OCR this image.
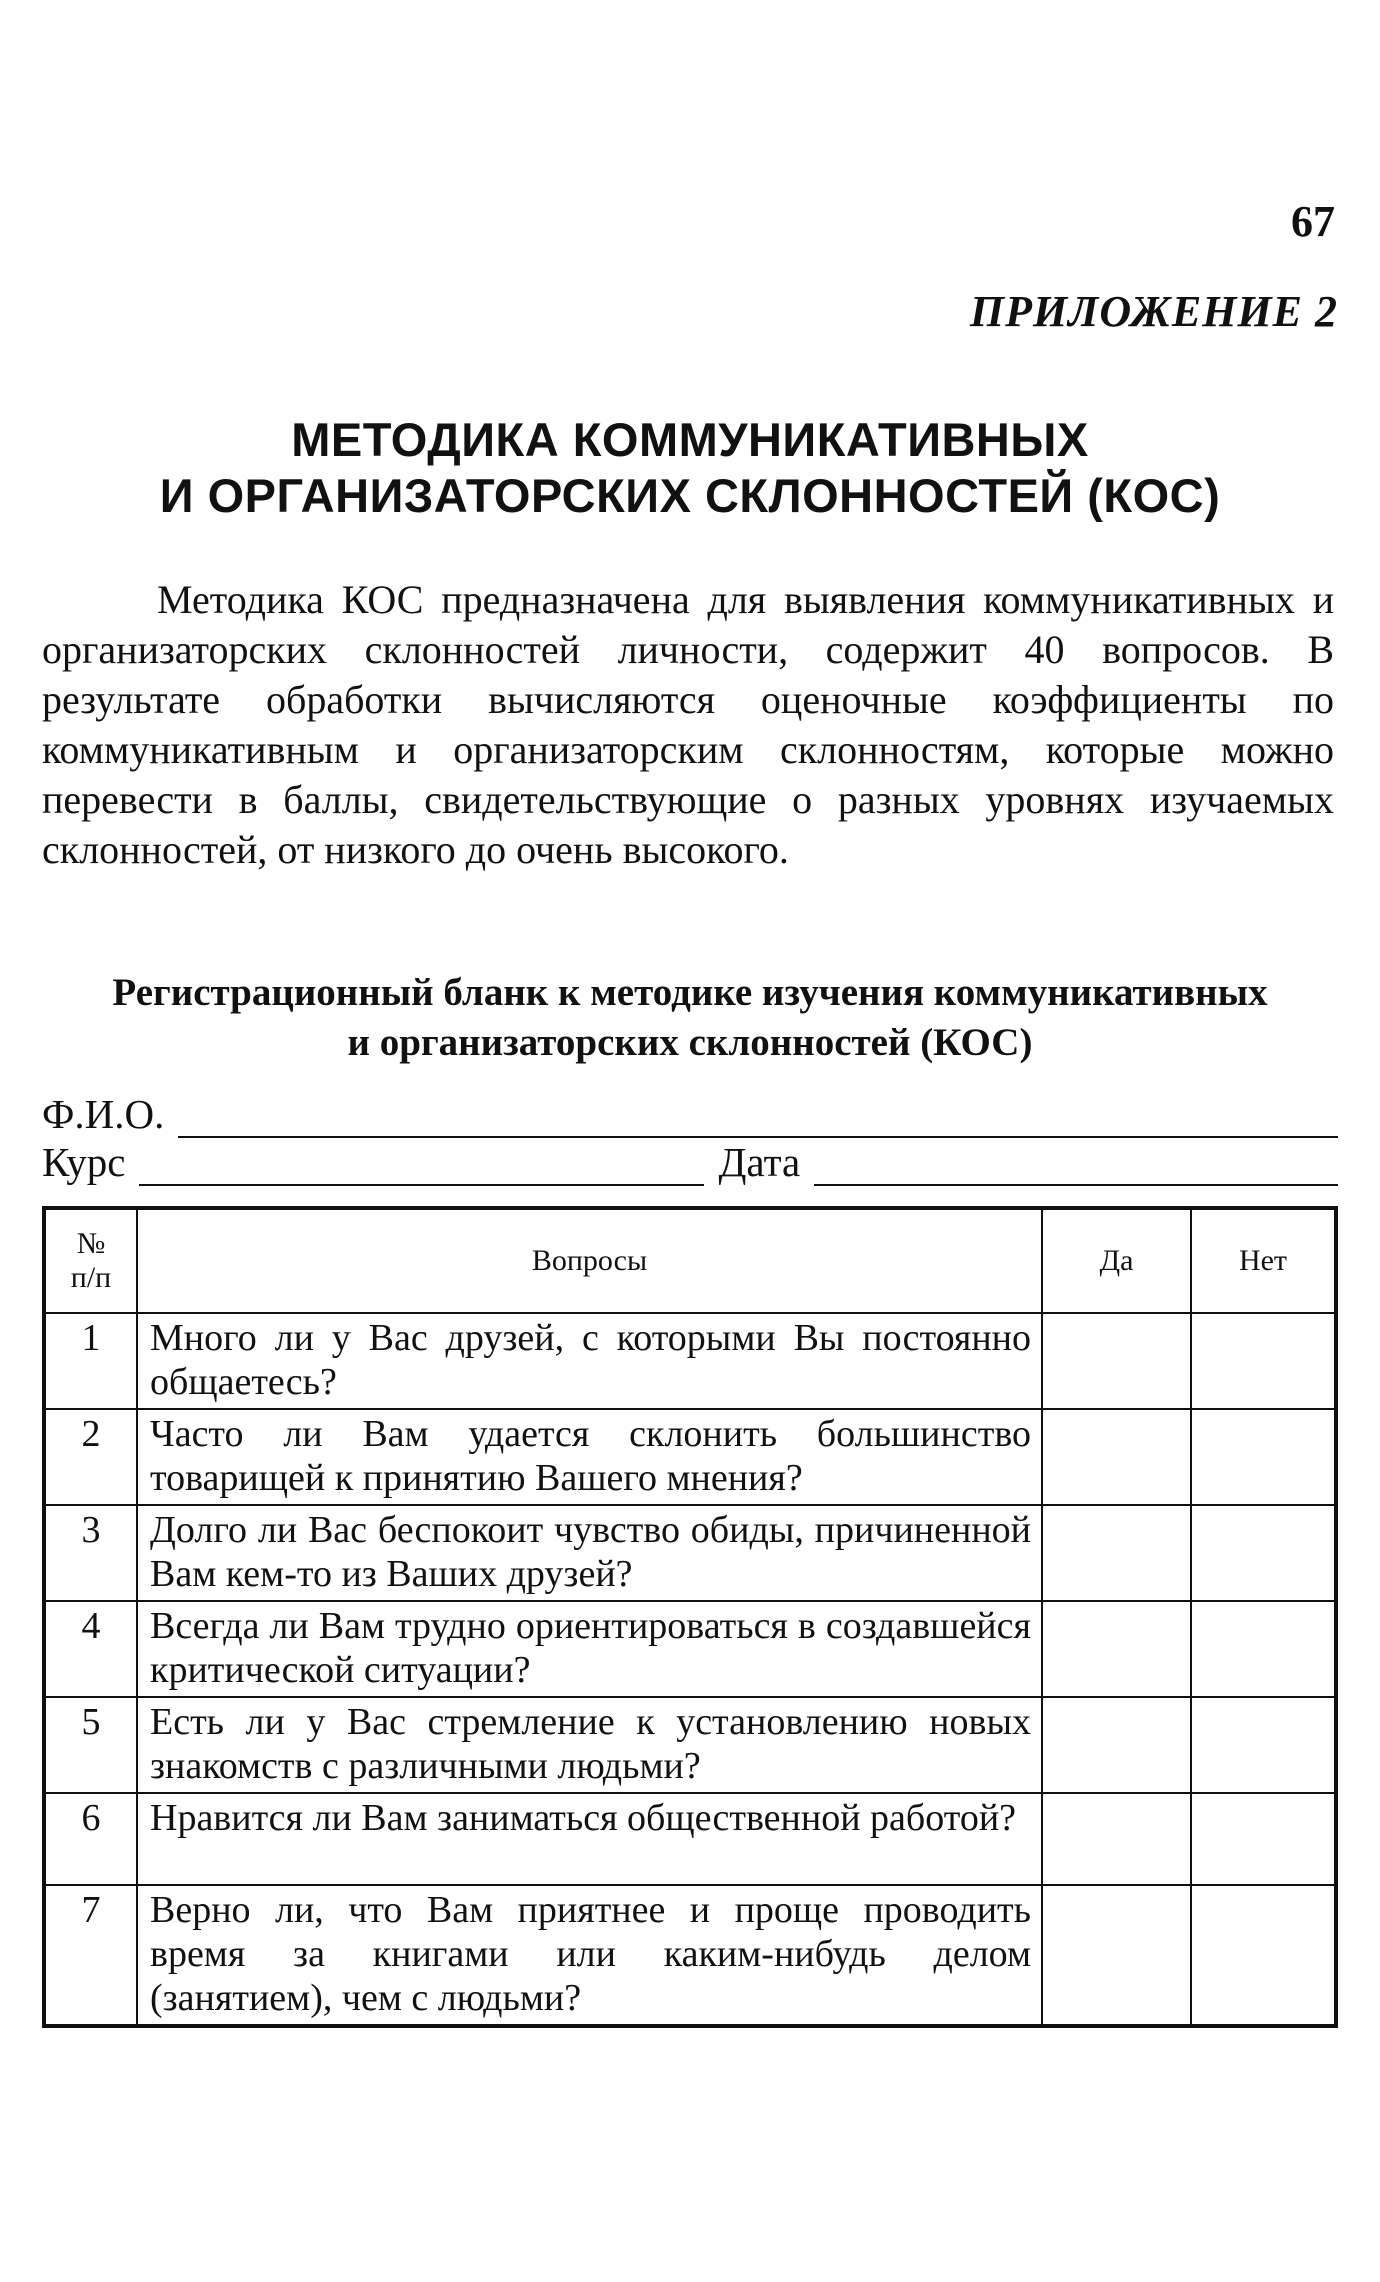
67
ПРИЛОЖЕНИЕ 2
МЕТОДИКА КОММУНИКАТИВНЫХ
И ОРГАНИЗАТОРСКИХ СКЛОННОСТЕЙ (КОС)

Методика КОС предназначена для выявления коммуникативных и организаторских склонностей личности, содержит 40 вопросов. В результате обработки вычисляются оценочные коэффициенты по коммуникативным и организаторским склонностям, которые можно перевести в баллы, свидетельствующие о разных уровнях изучаемых склонностей, от низкого до очень высокого.

Регистрационный бланк к методике изучения коммуникативных
и организаторских склонностей (КОС)
Ф.И.О.
Курс	Дата
№
п/п	Вопросы	Да	Нет
1	Много ли у Вас друзей, с которыми Вы постоянно общаетесь?		
2	Часто ли Вам удается склонить большинство товарищей к принятию Вашего мнения?		
3	Долго ли Вас беспокоит чувство обиды, причиненной Вам кем-то из Ваших друзей?		
4	Всегда ли Вам трудно ориентироваться в создавшейся критической ситуации?		
5	Есть ли у Вас стремление к установлению новых знакомств с различными людьми?		
6	Нравится ли Вам заниматься общественной работой?		
7	Верно ли, что Вам приятнее и проще проводить время за книгами или каким-нибудь делом (занятием), чем с людьми?		
